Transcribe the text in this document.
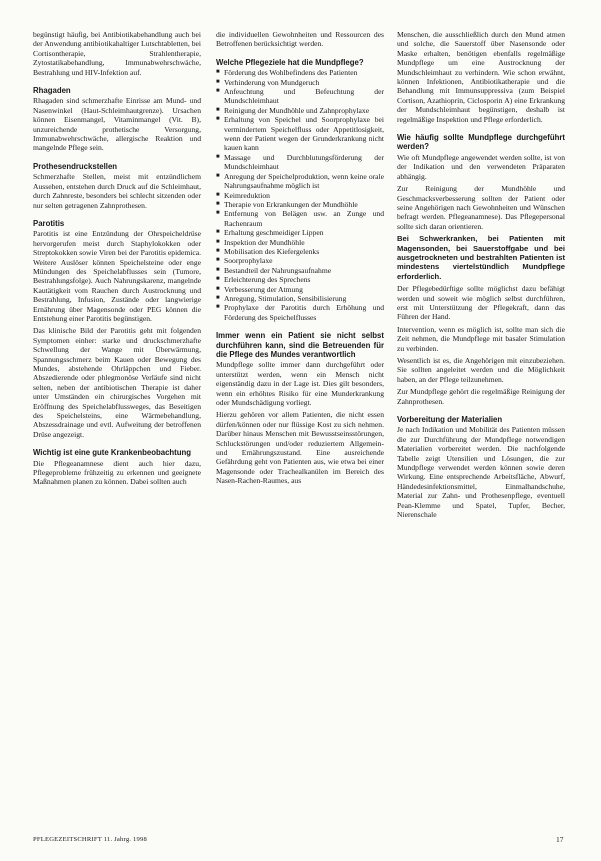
begünstigt häufig, bei Antibiotikabehandlung auch bei der Anwendung antibiotikahaltiger Lutschtabletten, bei Cortisontherapie, Strahlentherapie, Zytostatikabehandlung, Immunabwehrschwäche, Bestrahlung und HIV-Infektion auf.

Rhagaden

Rhagaden sind schmerzhafte Einrisse am Mund- und Nasenwinkel (Haut-Schleimhautgrenze). Ursachen können Eisenmangel, Vitaminmangel (Vit. B), unzureichende prothetische Versorgung, Immunabwehrschwäche, allergische Reaktion und mangelnde Pflege sein.

Prothesendruckstellen

Schmerzhafte Stellen, meist mit entzündlichem Aussehen, entstehen durch Druck auf die Schleimhaut, durch Zahnreste, besonders bei schlecht sitzenden oder nur selten getragenen Zahnprothesen.

Parotitis

Parotitis ist eine Entzündung der Ohrspeicheldrüse hervorgerufen meist durch Staphylokokken oder Streptokokken sowie Viren bei der Parotitis epidemica. Weitere Auslöser können Speichelsteine oder enge Mündungen des Speichelabflusses sein (Tumore, Bestrahlungsfolge). Auch Nahrungskarenz, mangelnde Kautätigkeit vom Rauchen durch Austrocknung und Bestrahlung, Infusion, Zustände oder langwierige Ernährung über Magensonde oder PEG können die Entstehung einer Parotitis begünstigen.

Das klinische Bild der Parotitis geht mit folgenden Symptomen einher: starke und druckschmerzhafte Schwellung der Wange mit Überwärmung, Spannungsschmerz beim Kauen oder Bewegung des Mundes, abstehende Ohrläppchen und Fieber. Abszedierende oder phlegmonöse Verläufe sind nicht selten, neben der antibiotischen Therapie ist daher unter Umständen ein chirurgisches Vorgehen mit Eröffnung des Speichelabflussweges, das Beseitigen des Speichelsteins, eine Wärmebehandlung, Abszessdrainage und evtl. Aufweitung der betroffenen Drüse angezeigt.

Wichtig ist eine gute Krankenbeobachtung

Die Pflegeanamnese dient auch hier dazu, Pflegeprobleme frühzeitig zu erkennen und geeignete Maßnahmen planen zu können. Dabei sollten auch

die individuellen Gewohnheiten und Ressourcen des Betroffenen berücksichtigt werden.

Welche Pflegeziele hat die Mundpflege?
■ Förderung des Wohlbefindens des Patienten
■ Verhinderung von Mundgeruch
■ Anfeuchtung und Befeuchtung der Mundschleimhaut
■ Reinigung der Mundhöhle und Zahnprophylaxe
■ Erhaltung von Speichel und Soorprophylaxe bei vermindertem Speichelfluss oder Appetitlosigkeit, wenn der Patient wegen der Grunderkrankung nicht kauen kann
■ Massage und Durchblutungsförderung der Mundschleimhaut
■ Anregung der Speichelproduktion, wenn keine orale Nahrungsaufnahme möglich ist
■ Keimreduktion
■ Therapie von Erkrankungen der Mundhöhle
■ Entfernung von Belägen usw. an Zunge und Rachenraum
■ Erhaltung geschmeidiger Lippen
■ Inspektion der Mundhöhle
■ Mobilisation des Kiefergelenks
■ Soorprophylaxe
■ Bestandteil der Nahrungsaufnahme
■ Erleichterung des Sprechens
■ Verbesserung der Atmung
■ Anregung, Stimulation, Sensibilisierung
■ Prophylaxe der Parotitis durch Erhöhung und Förderung des Speichelflusses
Immer wenn ein Patient sie nicht selbst durchführen kann, sind die Betreuenden für die Pflege des Mundes verantwortlich

Mundpflege sollte immer dann durchgeführt oder unterstützt werden, wenn ein Mensch nicht eigenständig dazu in der Lage ist. Dies gilt besonders, wenn ein erhöhtes Risiko für eine Munderkrankung oder Mundschädigung vorliegt.

Hierzu gehören vor allem Patienten, die nicht essen dürfen/können oder nur flüssige Kost zu sich nehmen. Darüber hinaus Menschen mit Bewusstseinsstörungen, Schluckstörungen und/oder reduziertem Allgemein- und Ernährungszustand. Eine ausreichende Gefährdung geht von Patienten aus, wie etwa bei einer Magensonde oder Trachealkanülen im Bereich des Nasen-Rachen-Raumes, aus

Menschen, die ausschließlich durch den Mund atmen und solche, die Sauerstoff über Nasensonde oder Maske erhalten, benötigen ebenfalls regelmäßige Mundpflege um eine Austrocknung der Mundschleimhaut zu verhindern. Wie schon erwähnt, können Infektionen, Antibiotikatherapie und die Behandlung mit Immunsuppressiva (zum Beispiel Cortison, Azathioprin, Ciclosporin A) eine Erkrankung der Mundschleimhaut begünstigen, deshalb ist regelmäßige Inspektion und Pflege erforderlich.

Wie häufig sollte Mundpflege durchgeführt werden?

Wie oft Mundpflege angewendet werden sollte, ist von der Indikation und den verwendeten Präparaten abhängig.

Zur Reinigung der Mundhöhle und Geschmacksverbesserung sollten der Patient oder seine Angehörigen nach Gewohnheiten und Wünschen befragt werden. Pflegeanamnese). Das Pflegepersonal sollte sich daran orientieren.

Bei Schwerkranken, bei Patienten mit Magensonden, bei Sauerstoffgabe und bei ausgetrockneten und bestrahlten Patienten ist mindestens viertelstündlich Mundpflege erforderlich.

Der Pflegebedürftige sollte möglichst dazu befähigt werden und soweit wie möglich selbst durchführen, erst mit Unterstützung der Pflegekraft, dann das Führen der Hand.

Intervention, wenn es möglich ist, sollte man sich die Zeit nehmen, die Mundpflege mit basaler Stimulation zu verbinden.

Wesentlich ist es, die Angehörigen mit einzubeziehen. Sie sollten angeleitet werden und die Möglichkeit haben, an der Pflege teilzunehmen.

Zur Mundpflege gehört die regelmäßige Reinigung der Zahnprothesen.

Vorbereitung der Materialien

Je nach Indikation und Mobilität des Patienten müssen die zur Durchführung der Mundpflege notwendigen Materialien vorbereitet werden. Die nachfolgende Tabelle zeigt Utensilien und Lösungen, die zur Mundpflege verwendet werden können sowie deren Wirkung. Eine entsprechende Arbeitsfläche, Abwurf, Händedesinfektionsmittel, Einmalhandschuhe, Material zur Zahn- und Prothesenpflege, eventuell Pean-Klemme und Spatel, Tupfer, Becher, Nierenschale

PFLEGEZEITSCHRIFT 11. Jahrg. 1998	17
